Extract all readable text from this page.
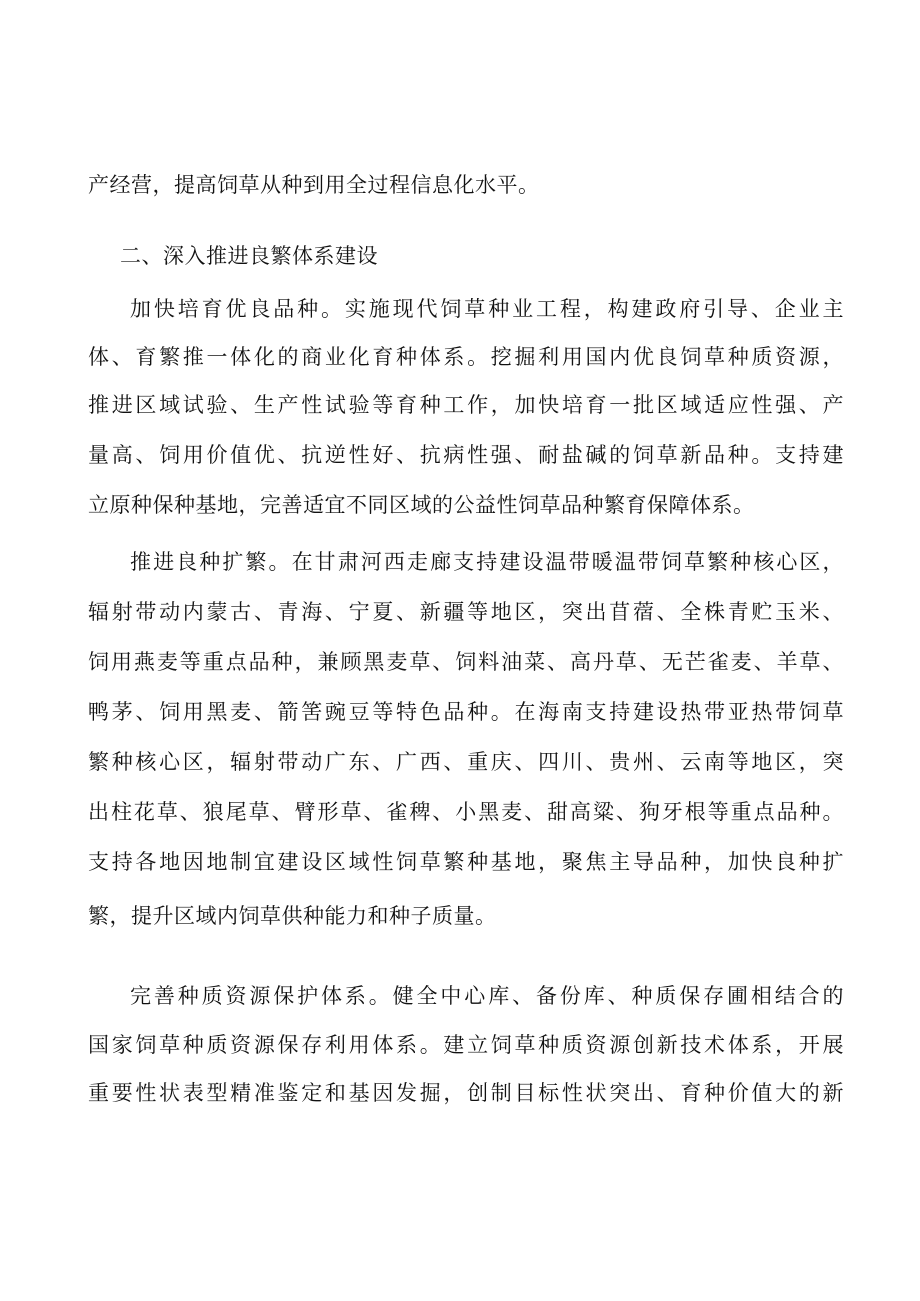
产经营，提高饲草从种到用全过程信息化水平。
二、深入推进良繁体系建设
加快培育优良品种。实施现代饲草种业工程，构建政府引导、企业主
体、育繁推一体化的商业化育种体系。挖掘利用国内优良饲草种质资源，
推进区域试验、生产性试验等育种工作，加快培育一批区域适应性强、产
量高、饲用价值优、抗逆性好、抗病性强、耐盐碱的饲草新品种。支持建
立原种保种基地，完善适宜不同区域的公益性饲草品种繁育保障体系。
推进良种扩繁。在甘肃河西走廊支持建设温带暖温带饲草繁种核心区，
辐射带动内蒙古、青海、宁夏、新疆等地区，突出苜蓿、全株青贮玉米、
饲用燕麦等重点品种，兼顾黑麦草、饲料油菜、高丹草、无芒雀麦、羊草、
鸭茅、饲用黑麦、箭筈豌豆等特色品种。在海南支持建设热带亚热带饲草
繁种核心区，辐射带动广东、广西、重庆、四川、贵州、云南等地区，突
出柱花草、狼尾草、臂形草、雀稗、小黑麦、甜高粱、狗牙根等重点品种。
支持各地因地制宜建设区域性饲草繁种基地，聚焦主导品种，加快良种扩
繁，提升区域内饲草供种能力和种子质量。
完善种质资源保护体系。健全中心库、备份库、种质保存圃相结合的
国家饲草种质资源保存利用体系。建立饲草种质资源创新技术体系，开展
重要性状表型精准鉴定和基因发掘，创制目标性状突出、育种价值大的新
